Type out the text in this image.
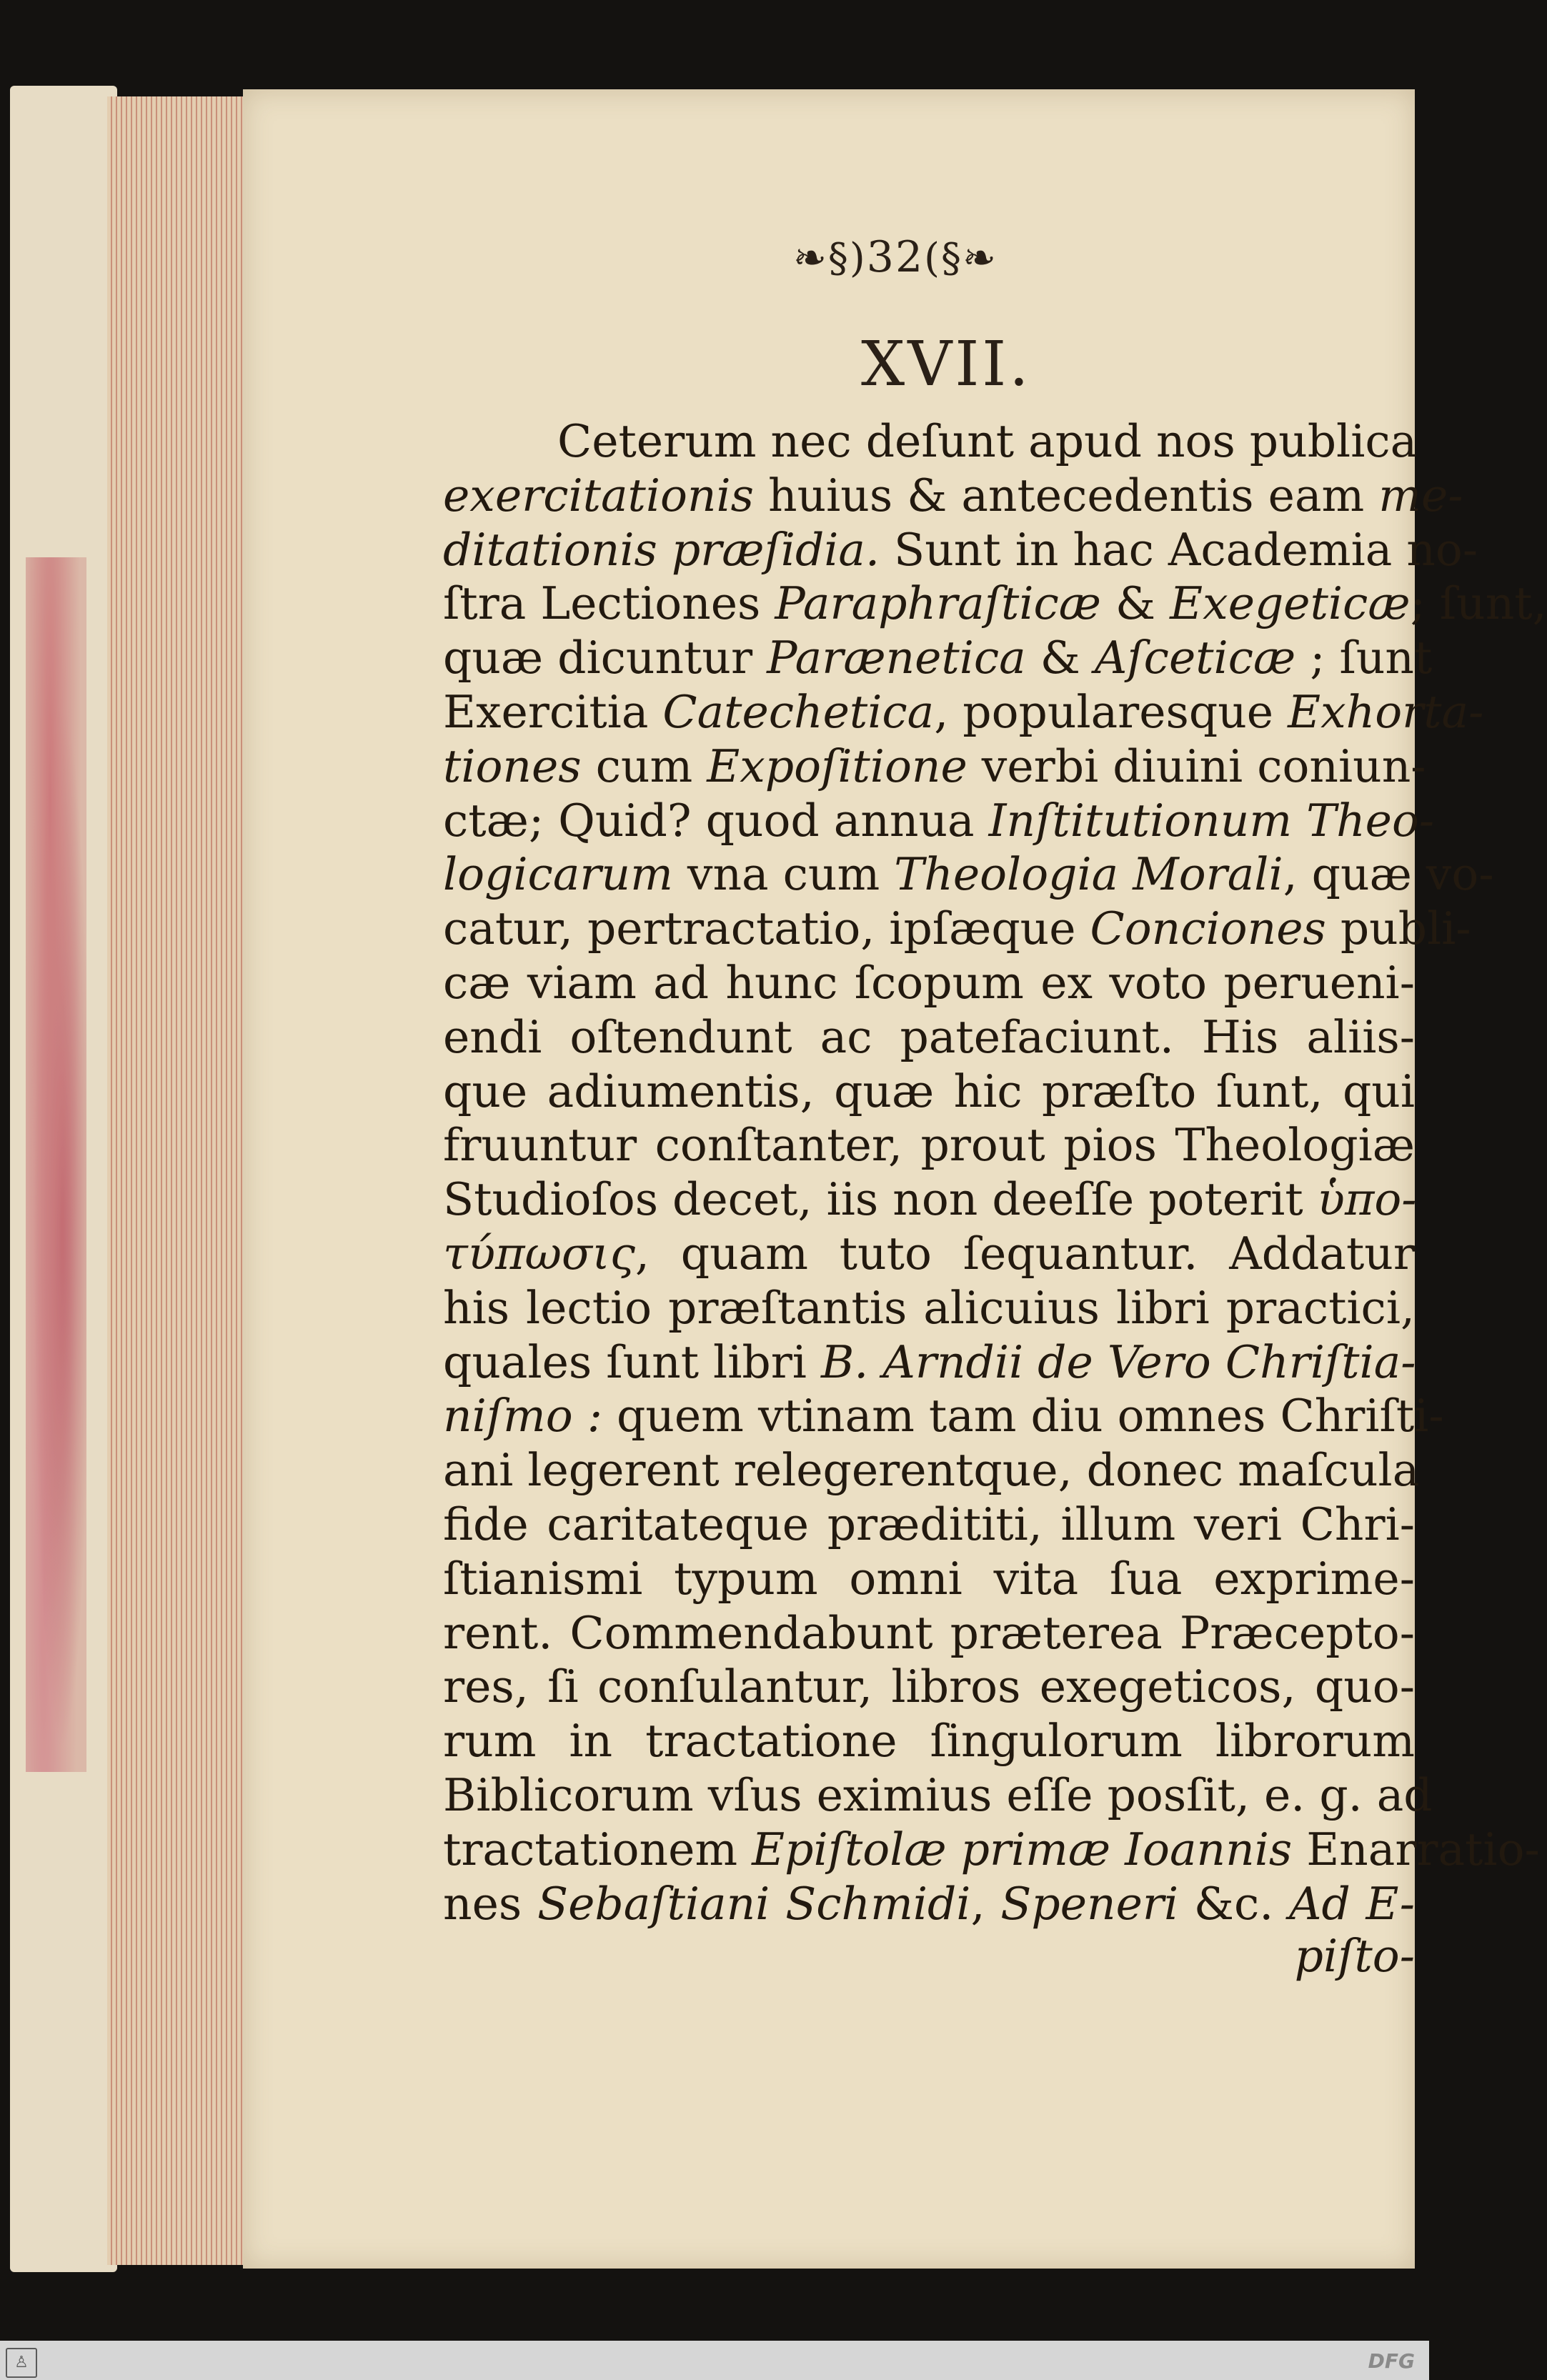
❧§)32(§❧
XVII.
Ceterum nec deſunt apud nos publica
exercitationis huius & antecedentis eam me-
ditationis præſidia. Sunt in hac Academia no-
ſtra Lectiones Paraphraſticæ & Exegeticæ; ſunt,
quæ dicuntur Parænetica & Aſceticæ ; ſunt
Exercitia Catechetica, popularesque Exhorta-
tiones cum Expoſitione verbi diuini coniun-
ctæ; Quid? quod annua Inſtitutionum Theo-
logicarum vna cum Theologia Morali, quæ vo-
catur, pertractatio, ipſæque Conciones publi-
cæ viam ad hunc ſcopum ex voto perueni-
endi oſtendunt ac patefaciunt. His aliis-
que adiumentis, quæ hic præſto ſunt, qui
fruuntur conſtanter, prout pios Theologiæ
Studioſos decet, iis non deeſſe poterit ὑπο-
τύπωσις, quam tuto ſequantur. Addatur
his lectio præſtantis alicuius libri practici,
quales ſunt libri B. Arndii de Vero Chriſtia-
niſmo : quem vtinam tam diu omnes Chriſti-
ani legerent relegerentque, donec maſcula
fide caritateque prædititi, illum veri Chri-
ſtianismi typum omni vita ſua exprime-
rent. Commendabunt præterea Præcepto-
res, ſi conſulantur, libros exegeticos, quo-
rum in tractatione ſingulorum librorum
Biblicorum vſus eximius eſſe posſit, e. g. ad
tractationem Epiſtolæ primæ Ioannis Enarratio-
nes Sebaſtiani Schmidi, Speneri &c. Ad E-
piſto-
♙	DFG
